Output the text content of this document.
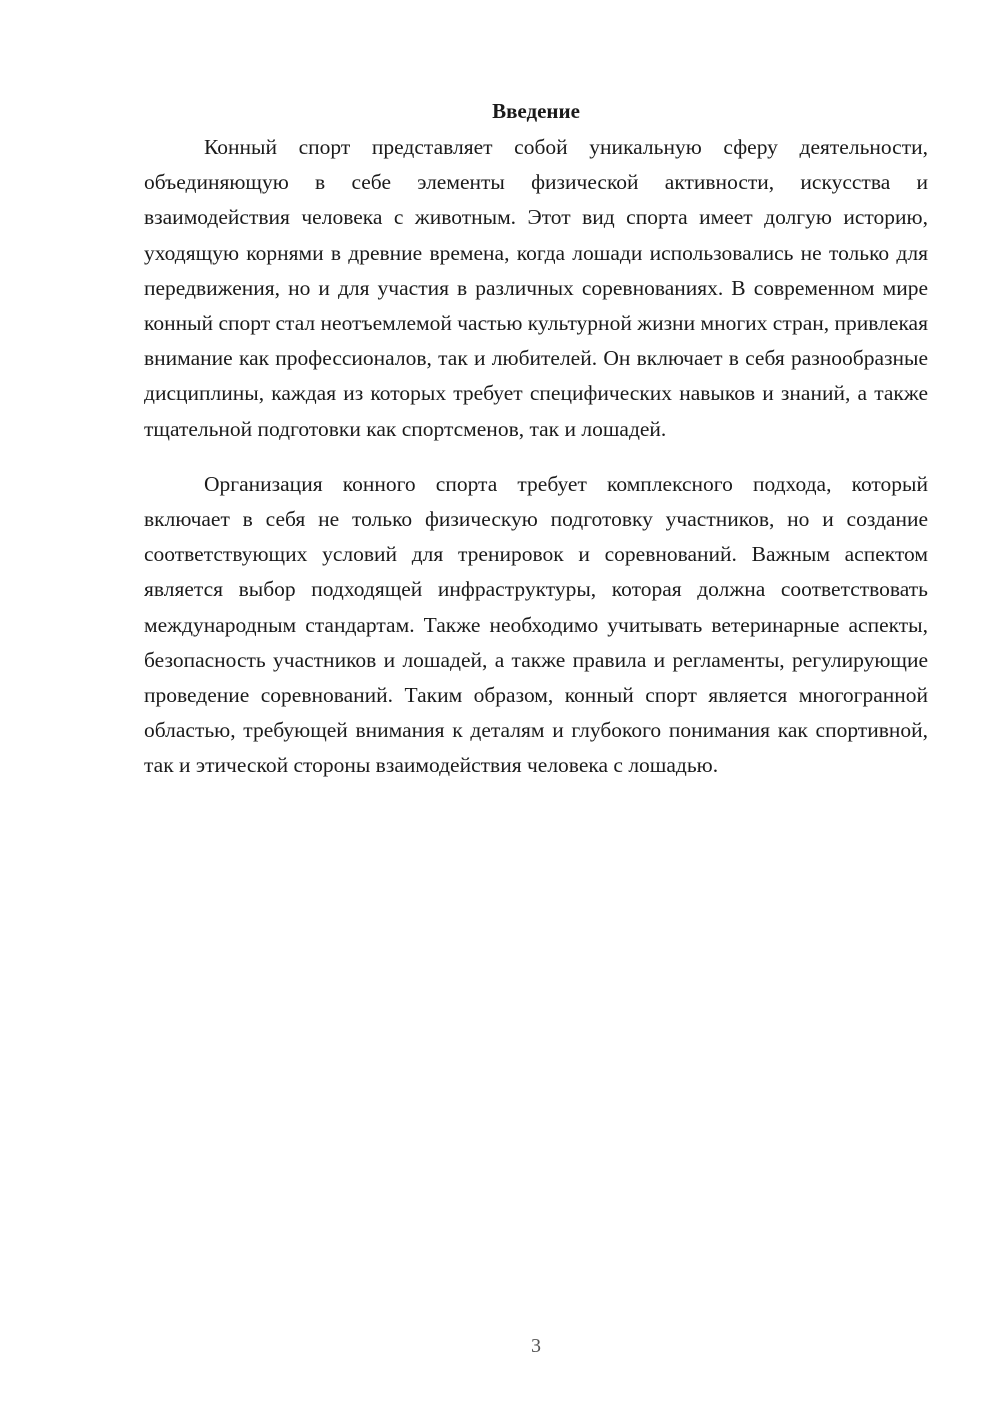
Введение

Конный спорт представляет собой уникальную сферу деятельности, объединяющую в себе элементы физической активности, искусства и взаимодействия человека с животным. Этот вид спорта имеет долгую историю, уходящую корнями в древние времена, когда лошади использовались не только для передвижения, но и для участия в различных соревнованиях. В современном мире конный спорт стал неотъемлемой частью культурной жизни многих стран, привлекая внимание как профессионалов, так и любителей. Он включает в себя разнообразные дисциплины, каждая из которых требует специфических навыков и знаний, а также тщательной подготовки как спортсменов, так и лошадей.

Организация конного спорта требует комплексного подхода, который включает в себя не только физическую подготовку участников, но и создание соответствующих условий для тренировок и соревнований. Важным аспектом является выбор подходящей инфраструктуры, которая должна соответствовать международным стандартам. Также необходимо учитывать ветеринарные аспекты, безопасность участников и лошадей, а также правила и регламенты, регулирующие проведение соревнований. Таким образом, конный спорт является многогранной областью, требующей внимания к деталям и глубокого понимания как спортивной, так и этической стороны взаимодействия человека с лошадью.

3
